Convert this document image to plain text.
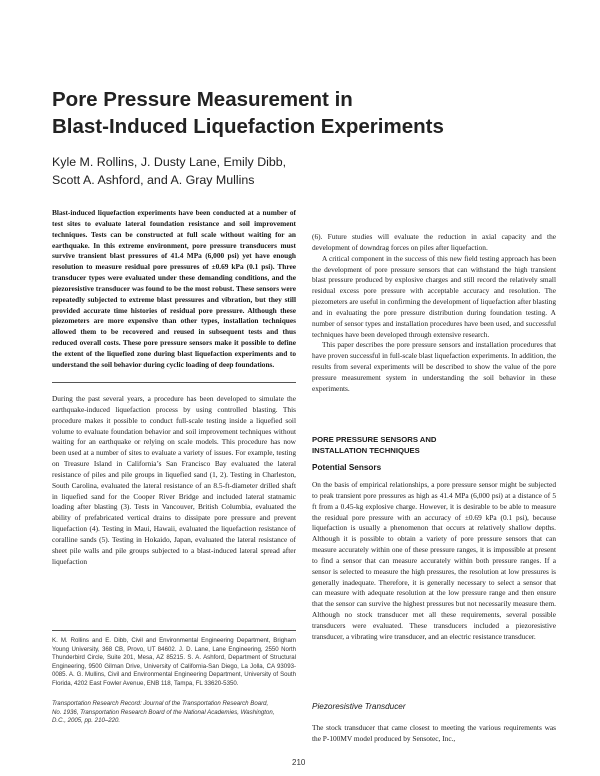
Pore Pressure Measurement in
Blast-Induced Liquefaction Experiments
Kyle M. Rollins, J. Dusty Lane, Emily Dibb,
Scott A. Ashford, and A. Gray Mullins

Blast-induced liquefaction experiments have been conducted at a number of test sites to evaluate lateral foundation resistance and soil improvement techniques. Tests can be constructed at full scale without waiting for an earthquake. In this extreme environment, pore pressure transducers must survive transient blast pressures of 41.4 MPa (6,000 psi) yet have enough resolution to measure residual pore pressures of ±0.69 kPa (0.1 psi). Three transducer types were evaluated under these demanding conditions, and the piezoresistive transducer was found to be the most robust. These sensors were repeatedly subjected to extreme blast pressures and vibration, but they still provided accurate time histories of residual pore pressure. Although these piezometers are more expensive than other types, installation techniques allowed them to be recovered and reused in subsequent tests and thus reduced overall costs. These pore pressure sensors make it possible to define the extent of the liquefied zone during blast liquefaction experiments and to understand the soil behavior during cyclic loading of deep foundations.

During the past several years, a procedure has been developed to simulate the earthquake-induced liquefaction process by using controlled blasting. This procedure makes it possible to conduct full-scale testing inside a liquefied soil volume to evaluate foundation behavior and soil improvement techniques without waiting for an earthquake or relying on scale models. This procedure has now been used at a number of sites to evaluate a variety of issues. For example, testing on Treasure Island in California’s San Francisco Bay evaluated the lateral resistance of piles and pile groups in liquefied sand (1, 2). Testing in Charleston, South Carolina, evaluated the lateral resistance of an 8.5-ft-diameter drilled shaft in liquefied sand for the Cooper River Bridge and included lateral statnamic loading after blasting (3). Tests in Vancouver, British Columbia, evaluated the ability of prefabricated vertical drains to dissipate pore pressure and prevent liquefaction (4). Testing in Maui, Hawaii, evaluated the liquefaction resistance of coralline sands (5). Testing in Hokaido, Japan, evaluated the lateral resistance of sheet pile walls and pile groups subjected to a blast-induced lateral spread after liquefaction

K. M. Rollins and E. Dibb, Civil and Environmental Engineering Department, Brigham Young University, 368 CB, Provo, UT 84602. J. D. Lane, Lane Engineering, 2550 North Thunderbird Circle, Suite 201, Mesa, AZ 85215. S. A. Ashford, Department of Structural Engineering, 9500 Gilman Drive, University of California-San Diego, La Jolla, CA 93093-0085. A. G. Mullins, Civil and Environmental Engineering Department, University of South Florida, 4202 East Fowler Avenue, ENB 118, Tampa, FL 33620-5350.

Transportation Research Record: Journal of the Transportation Research Board,
No. 1936, Transportation Research Board of the National Academies, Washington,
D.C., 2005, pp. 210–220.

(6). Future studies will evaluate the reduction in axial capacity and the development of downdrag forces on piles after liquefaction.

A critical component in the success of this new field testing approach has been the development of pore pressure sensors that can withstand the high transient blast pressure produced by explosive charges and still record the relatively small residual excess pore pressure with acceptable accuracy and resolution. The piezometers are useful in confirming the development of liquefaction after blasting and in evaluating the pore pressure distribution during foundation testing. A number of sensor types and installation procedures have been used, and successful techniques have been developed through extensive research.

This paper describes the pore pressure sensors and installation procedures that have proven successful in full-scale blast liquefaction experiments. In addition, the results from several experiments will be described to show the value of the pore pressure measurement system in understanding the soil behavior in these experiments.

PORE PRESSURE SENSORS AND
INSTALLATION TECHNIQUES
Potential Sensors

On the basis of empirical relationships, a pore pressure sensor might be subjected to peak transient pore pressures as high as 41.4 MPa (6,000 psi) at a distance of 5 ft from a 0.45-kg explosive charge. However, it is desirable to be able to measure the residual pore pressure with an accuracy of ±0.69 kPa (0.1 psi), because liquefaction is usually a phenomenon that occurs at relatively shallow depths. Although it is possible to obtain a variety of pore pressure sensors that can measure accurately within one of these pressure ranges, it is impossible at present to find a sensor that can measure accurately within both pressure ranges. If a sensor is selected to measure the high pressures, the resolution at low pressures is generally inadequate. Therefore, it is generally necessary to select a sensor that can measure with adequate resolution at the low pressure range and then ensure that the sensor can survive the highest pressures but not necessarily measure them. Although no stock transducer met all these requirements, several possible transducers were evaluated. These transducers included a piezoresistive transducer, a vibrating wire transducer, and an electric resistance transducer.

Piezoresistive Transducer

The stock transducer that came closest to meeting the various requirements was the P-100MV model produced by Sensotec, Inc.,

210
